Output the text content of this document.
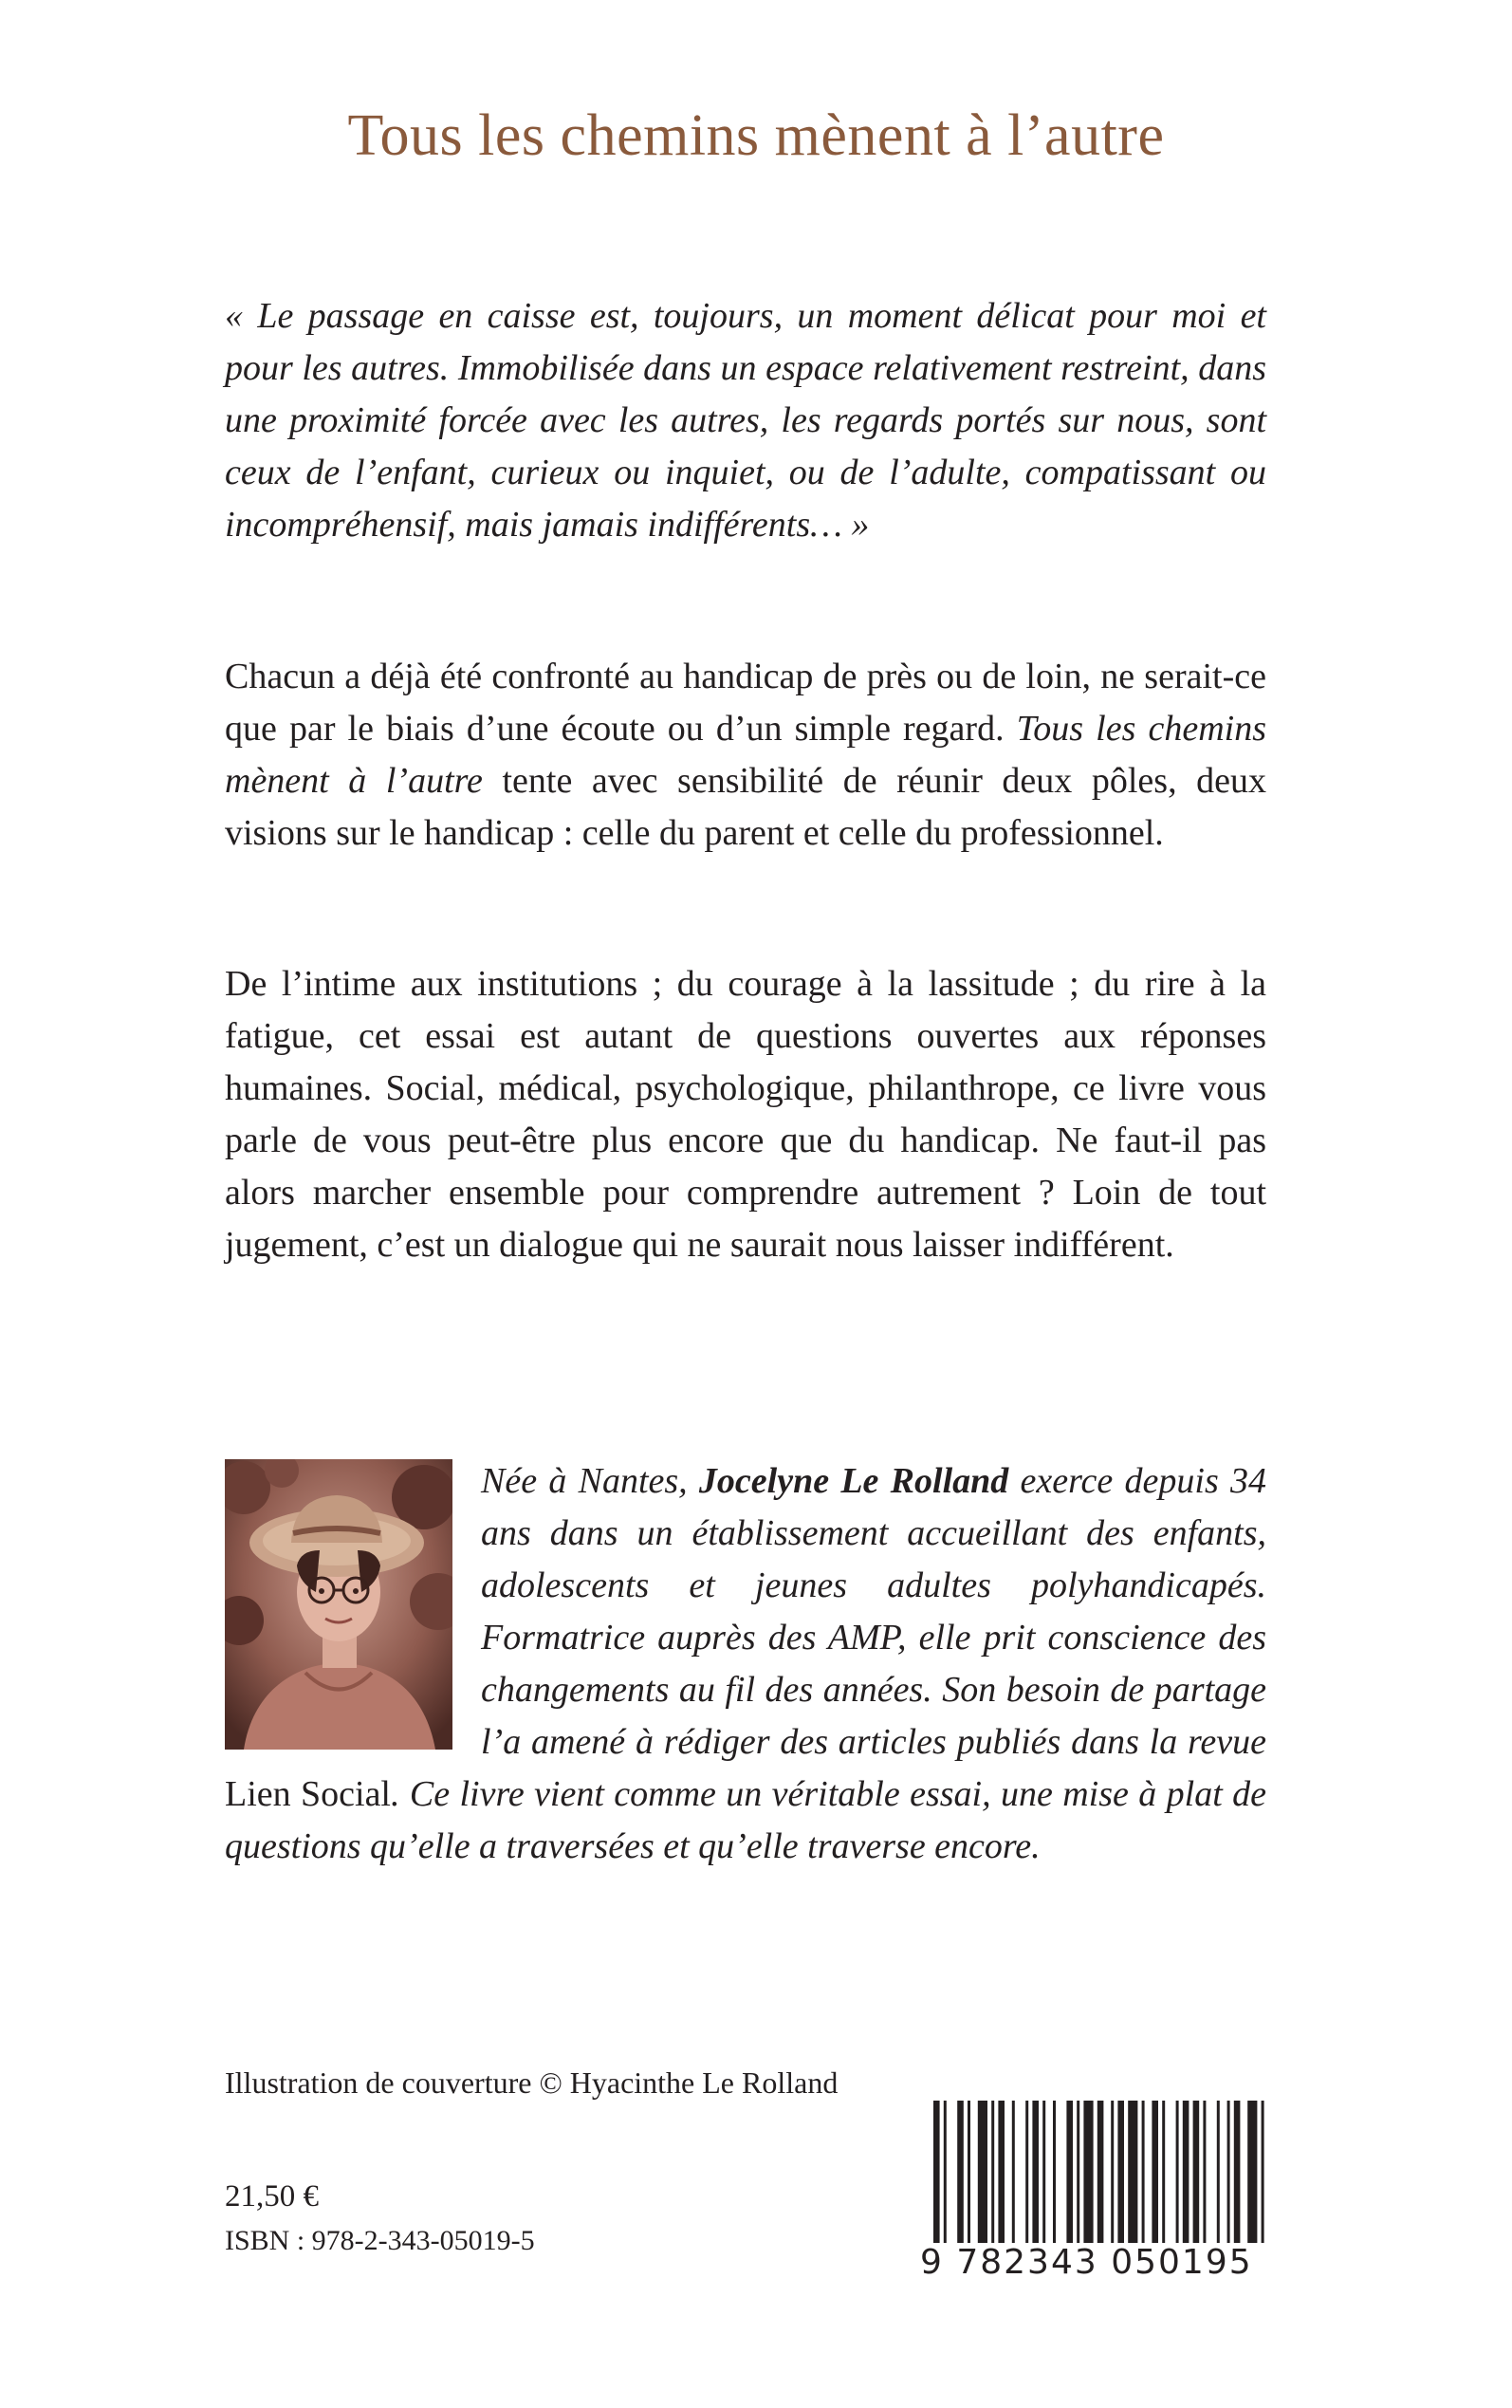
Tous les chemins mènent à l’autre

« Le passage en caisse est, toujours, un moment délicat pour moi et pour les autres. Immobilisée dans un espace relativement restreint, dans une proximité forcée avec les autres, les regards portés sur nous, sont ceux de l’enfant, curieux ou inquiet, ou de l’adulte, compatissant ou incompréhensif, mais jamais indifférents… »

Chacun a déjà été confronté au handicap de près ou de loin, ne serait-ce que par le biais d’une écoute ou d’un simple regard. Tous les chemins mènent à l’autre tente avec sensibilité de réunir deux pôles, deux visions sur le handicap : celle du parent et celle du professionnel.

De l’intime aux institutions ; du courage à la lassitude ; du rire à la fatigue, cet essai est autant de questions ouvertes aux réponses humaines. Social, médical, psychologique, philanthrope, ce livre vous parle de vous peut-être plus encore que du handicap. Ne faut-il pas alors marcher ensemble pour comprendre autrement ? Loin de tout jugement, c’est un dialogue qui ne saurait nous laisser indifférent.

Née à Nantes, Jocelyne Le Rolland exerce depuis 34 ans dans un établissement accueillant des enfants, adolescents et jeunes adultes polyhandicapés. Formatrice auprès des AMP, elle prit conscience des changements au fil des années. Son besoin de partage l’a amené à rédiger des articles publiés dans la revue Lien Social. Ce livre vient comme un véritable essai, une mise à plat de questions qu’elle a traversées et qu’elle traverse encore.
Illustration de couverture © Hyacinthe Le Rolland
21,50 €
ISBN : 978-2-343-05019-5
9 782343 050195
